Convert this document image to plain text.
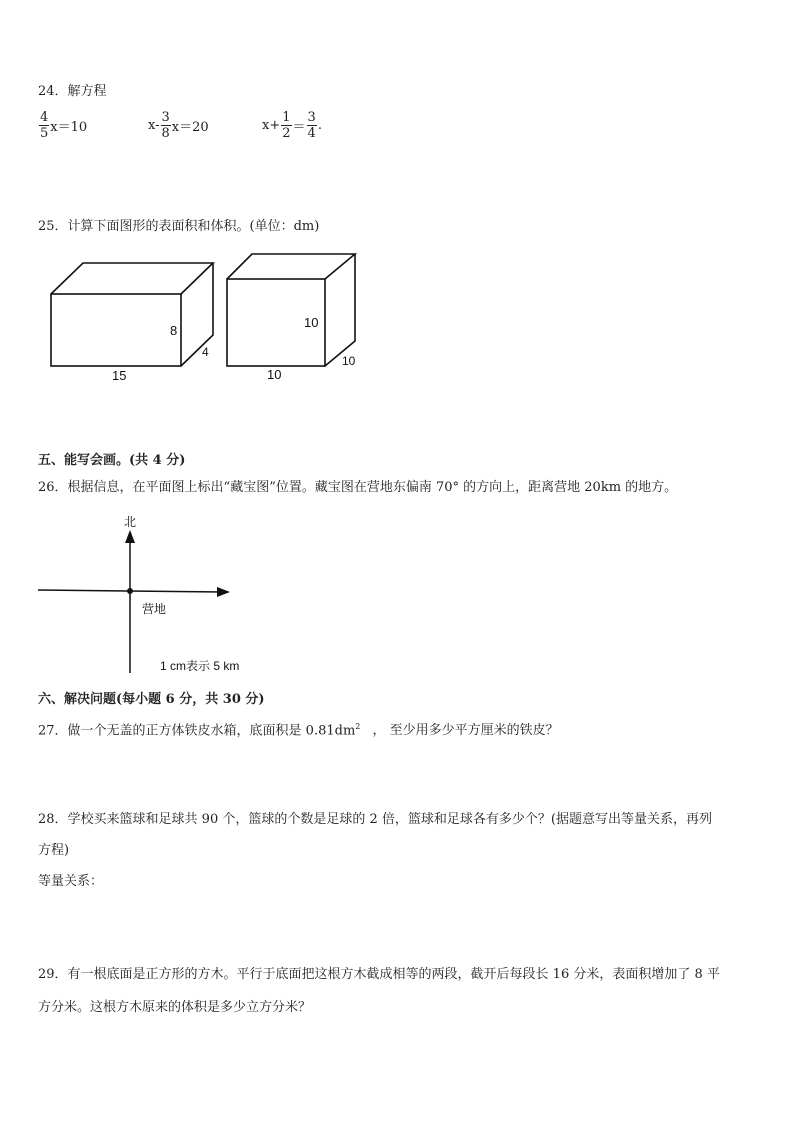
24．解方程
$\frac{4}{5} x=10$	$x- \frac{3}{8} x=20$	$x+ \frac{1}{2} = \frac{3}{4}$ .
25．计算下面图形的表面积和体积。(单位：dm)
15
8
4
10
10
10
北
营地
1 cm表示 5 km
五、能写会画。(共 4 分)
26．根据信息，在平面图上标出“藏宝图”位置。藏宝图在营地东偏南 70° 的方向上，距离营地 20km 的地方。
六、解决问题(每小题 6 分，共 30 分)
27．做一个无盖的正方体铁皮水箱，底面积是 $0.81dm^2$ ， 至少用多少平方厘米的铁皮？
28．学校买来篮球和足球共 90 个，篮球的个数是足球的 2 倍，篮球和足球各有多少个？(据题意写出等量关系，再列
方程)
等量关系：
29．有一根底面是正方形的方木。平行于底面把这根方木截成相等的两段，截开后每段长 16 分米，表面积增加了 8 平
方分米。这根方木原来的体积是多少立方分米？
